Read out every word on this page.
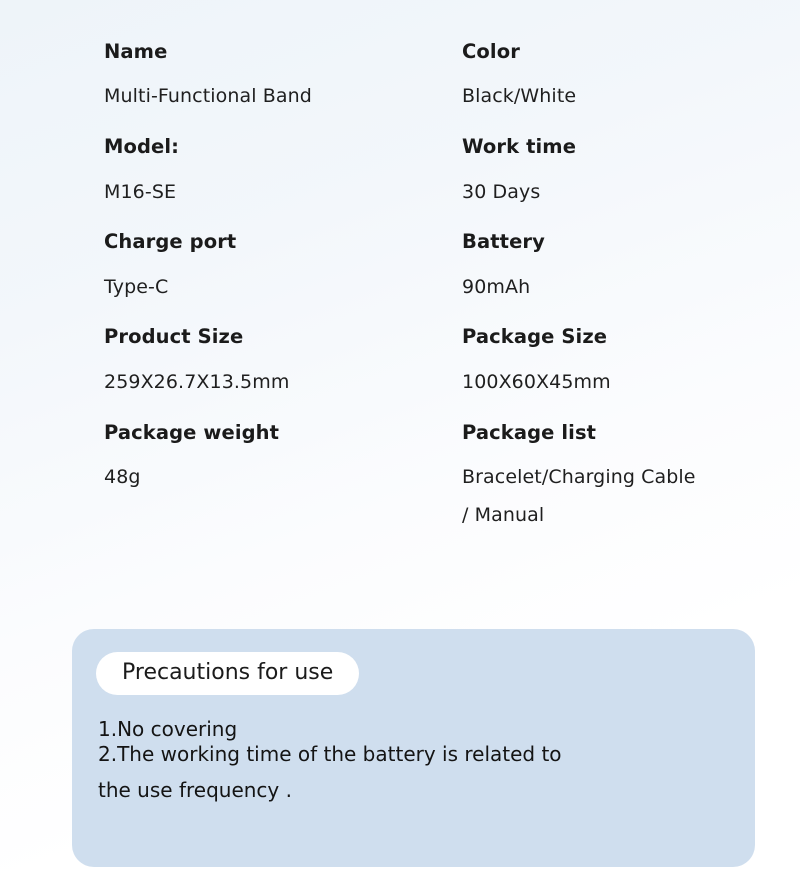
Name
Multi-Functional Band
Color
Black/White
Model:
M16-SE
Work time
30 Days
Charge port
Type-C
Battery
90mAh
Product Size
259X26.7X13.5mm
Package Size
100X60X45mm
Package weight
48g
Package list
Bracelet/Charging Cable
/ Manual
Precautions for use
1.No covering
2.The working time of the battery is related to
the use frequency .
